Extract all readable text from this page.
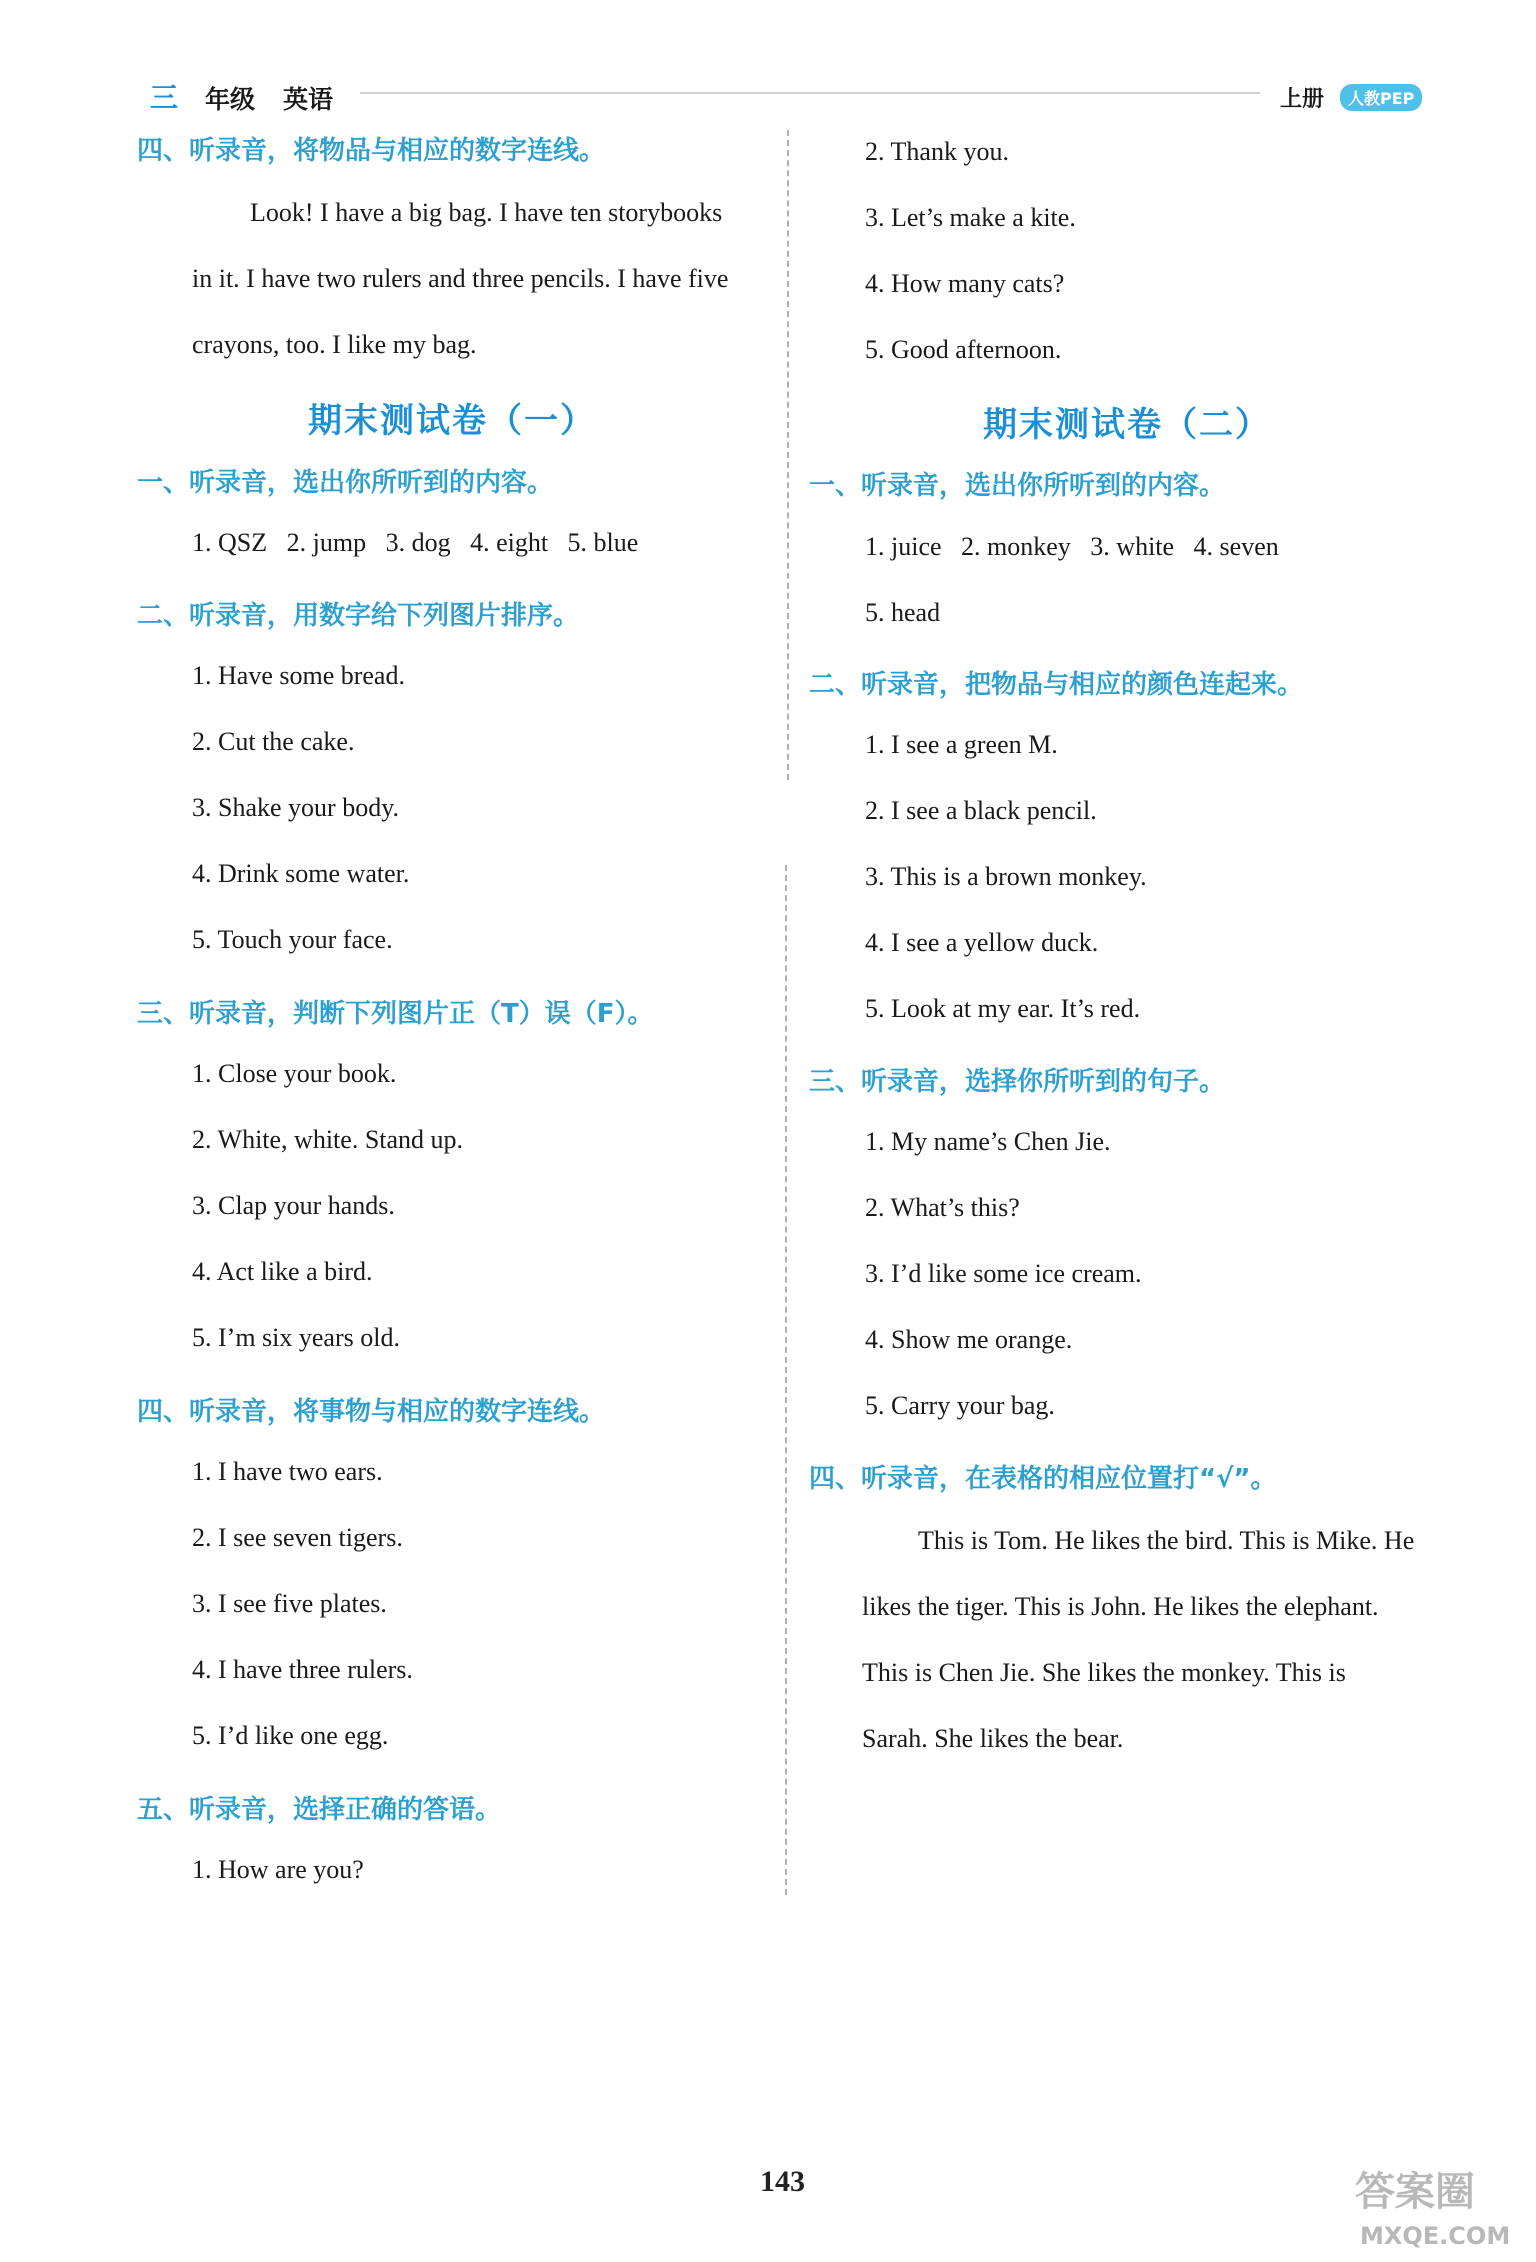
三 年级 英语	上册	人教PEP
四、听录音，将物品与相应的数字连线。
Look! I have a big bag. I have ten storybooks
in it. I have two rulers and three pencils. I have five
crayons, too. I like my bag.
期末测试卷（一）
一、听录音，选出你所听到的内容。
1. QSZ   2. jump   3. dog   4. eight   5. blue
二、听录音，用数字给下列图片排序。
1. Have some bread.
2. Cut the cake.
3. Shake your body.
4. Drink some water.
5. Touch your face.
三、听录音，判断下列图片正（T）误（F）。
1. Close your book.
2. White, white. Stand up.
3. Clap your hands.
4. Act like a bird.
5. I’m six years old.
四、听录音，将事物与相应的数字连线。
1. I have two ears.
2. I see seven tigers.
3. I see five plates.
4. I have three rulers.
5. I’d like one egg.
五、听录音，选择正确的答语。
1. How are you?
2. Thank you.
3. Let’s make a kite.
4. How many cats?
5. Good afternoon.
期末测试卷（二）
一、听录音，选出你所听到的内容。
1. juice   2. monkey   3. white   4. seven
5. head
二、听录音，把物品与相应的颜色连起来。
1. I see a green M.
2. I see a black pencil.
3. This is a brown monkey.
4. I see a yellow duck.
5. Look at my ear. It’s red.
三、听录音，选择你所听到的句子。
1. My name’s Chen Jie.
2. What’s this?
3. I’d like some ice cream.
4. Show me orange.
5. Carry your bag.
四、听录音，在表格的相应位置打“√”。
This is Tom. He likes the bird. This is Mike. He
likes the tiger. This is John. He likes the elephant.
This is Chen Jie. She likes the monkey. This is
Sarah. She likes the bear.
143	答案圈
MXQE.COM
